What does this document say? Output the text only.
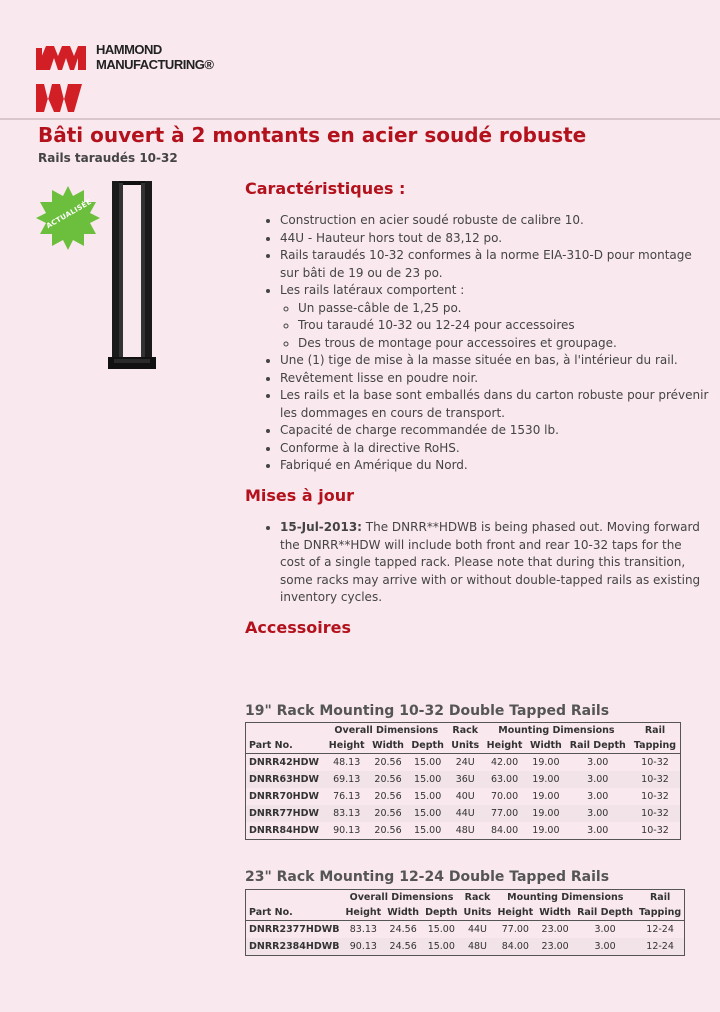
HAMMOND
MANUFACTURING®
Bâti ouvert à 2 montants en acier soudé robuste
Rails taraudés 10-32
ACTUALISÉE
Caractéristiques :
• Construction en acier soudé robuste de calibre 10.
• 44U - Hauteur hors tout de 83,12 po.
• Rails taraudés 10-32 conformes à la norme EIA-310-D pour montage sur bâti de 19 ou de 23 po.
• Les rails latéraux comportent :
◦ Un passe-câble de 1,25 po.
◦ Trou taraudé 10-32 ou 12-24 pour accessoires
◦ Des trous de montage pour accessoires et groupage.
• Une (1) tige de mise à la masse située en bas, à l'intérieur du rail.
• Revêtement lisse en poudre noir.
• Les rails et la base sont emballés dans du carton robuste pour prévenir les dommages en cours de transport.
• Capacité de charge recommandée de 1530 lb.
• Conforme à la directive RoHS.
• Fabriqué en Amérique du Nord.
Mises à jour
• 15-Jul-2013: The DNRR**HDWB is being phased out. Moving forward the DNRR**HDW will include both front and rear 10-32 taps for the cost of a single tapped rack. Please note that during this transition, some racks may arrive with or without double-tapped rails as existing inventory cycles.
Accessoires
19" Rack Mounting 10-32 Double Tapped Rails
	Overall Dimensions			Rack	Mounting Dimensions			Rail
Part No.	Height	Width	Depth	Units	Height	Width	Rail Depth	Tapping
DNRR42HDW	48.13	20.56	15.00	24U	42.00	19.00	3.00	10-32
DNRR63HDW	69.13	20.56	15.00	36U	63.00	19.00	3.00	10-32
DNRR70HDW	76.13	20.56	15.00	40U	70.00	19.00	3.00	10-32
DNRR77HDW	83.13	20.56	15.00	44U	77.00	19.00	3.00	10-32
DNRR84HDW	90.13	20.56	15.00	48U	84.00	19.00	3.00	10-32
23" Rack Mounting 12-24 Double Tapped Rails
	Overall Dimensions			Rack	Mounting Dimensions			Rail
Part No.	Height	Width	Depth	Units	Height	Width	Rail Depth	Tapping
DNRR2377HDWB	83.13	24.56	15.00	44U	77.00	23.00	3.00	12-24
DNRR2384HDWB	90.13	24.56	15.00	48U	84.00	23.00	3.00	12-24
